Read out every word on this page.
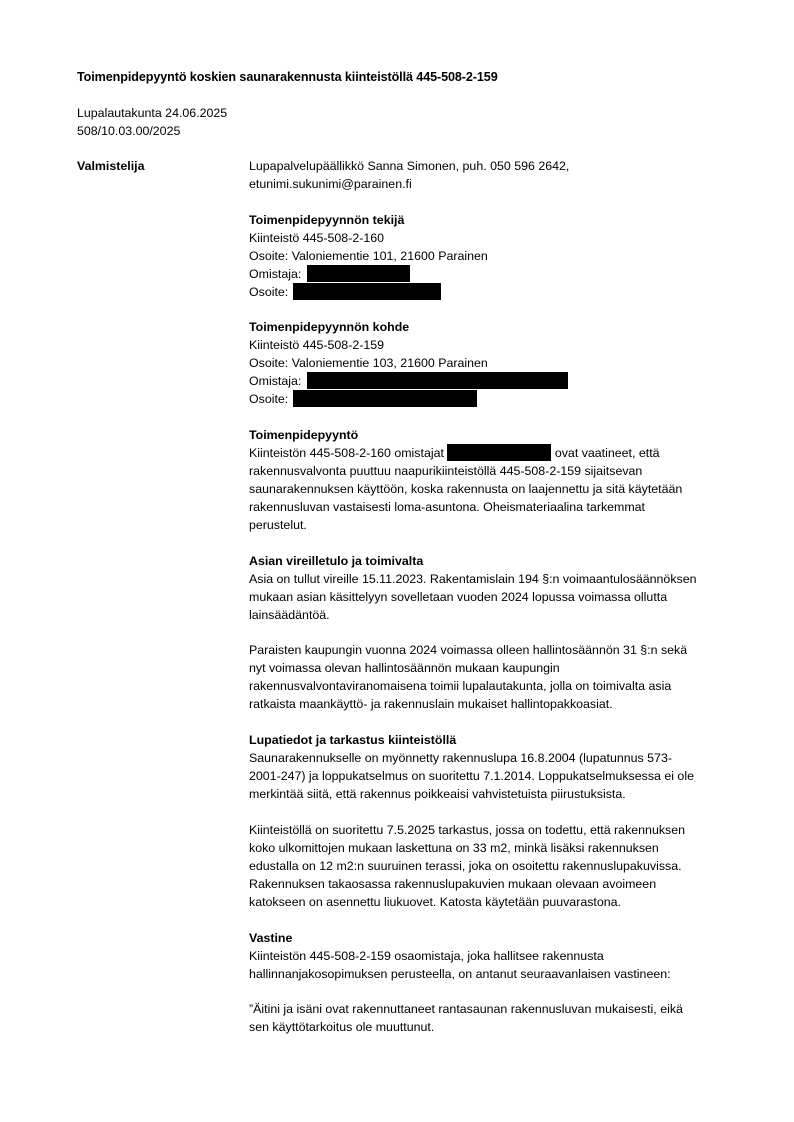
Toimenpidepyyntö koskien saunarakennusta kiinteistöllä 445-508-2-159
Lupalautakunta 24.06.2025
508/10.03.00/2025
Valmistelija	Lupapalvelupäällikkö Sanna Simonen, puh. 050 596 2642,
etunimi.sukunimi@parainen.fi
Toimenpidepyynnön tekijä
Kiinteistö 445-508-2-160
Osoite: Valoniementie 101, 21600 Parainen
Omistaja:
Osoite:
Toimenpidepyynnön kohde
Kiinteistö 445-508-2-159
Osoite: Valoniementie 103, 21600 Parainen
Omistaja:
Osoite:
Toimenpidepyyntö
Kiinteistön 445-508-2-160 omistajat	ovat vaatineet, että
rakennusvalvonta puuttuu naapurikiinteistöllä 445-508-2-159 sijaitsevan
saunarakennuksen käyttöön, koska rakennusta on laajennettu ja sitä käytetään
rakennusluvan vastaisesti loma-asuntona. Oheismateriaalina tarkemmat
perustelut.
Asian vireilletulo ja toimivalta
Asia on tullut vireille 15.11.2023. Rakentamislain 194 §:n voimaantulosäännöksen
mukaan asian käsittelyyn sovelletaan vuoden 2024 lopussa voimassa ollutta
lainsäädäntöä.
Paraisten kaupungin vuonna 2024 voimassa olleen hallintosäännön 31 §:n sekä
nyt voimassa olevan hallintosäännön mukaan kaupungin
rakennusvalvontaviranomaisena toimii lupalautakunta, jolla on toimivalta asia
ratkaista maankäyttö- ja rakennuslain mukaiset hallintopakkoasiat.
Lupatiedot ja tarkastus kiinteistöllä
Saunarakennukselle on myönnetty rakennuslupa 16.8.2004 (lupatunnus 573-
2001-247) ja loppukatselmus on suoritettu 7.1.2014. Loppukatselmuksessa ei ole
merkintää siitä, että rakennus poikkeaisi vahvistetuista piirustuksista.
Kiinteistöllä on suoritettu 7.5.2025 tarkastus, jossa on todettu, että rakennuksen
koko ulkomittojen mukaan laskettuna on 33 m2, minkä lisäksi rakennuksen
edustalla on 12 m2:n suuruinen terassi, joka on osoitettu rakennuslupakuvissa.
Rakennuksen takaosassa rakennuslupakuvien mukaan olevaan avoimeen
katokseen on asennettu liukuovet. Katosta käytetään puuvarastona.
Vastine
Kiinteistön 445-508-2-159 osaomistaja, joka hallitsee rakennusta
hallinnanjakosopimuksen perusteella, on antanut seuraavanlaisen vastineen:
”Äitini ja isäni ovat rakennuttaneet rantasaunan rakennusluvan mukaisesti, eikä
sen käyttötarkoitus ole muuttunut.
